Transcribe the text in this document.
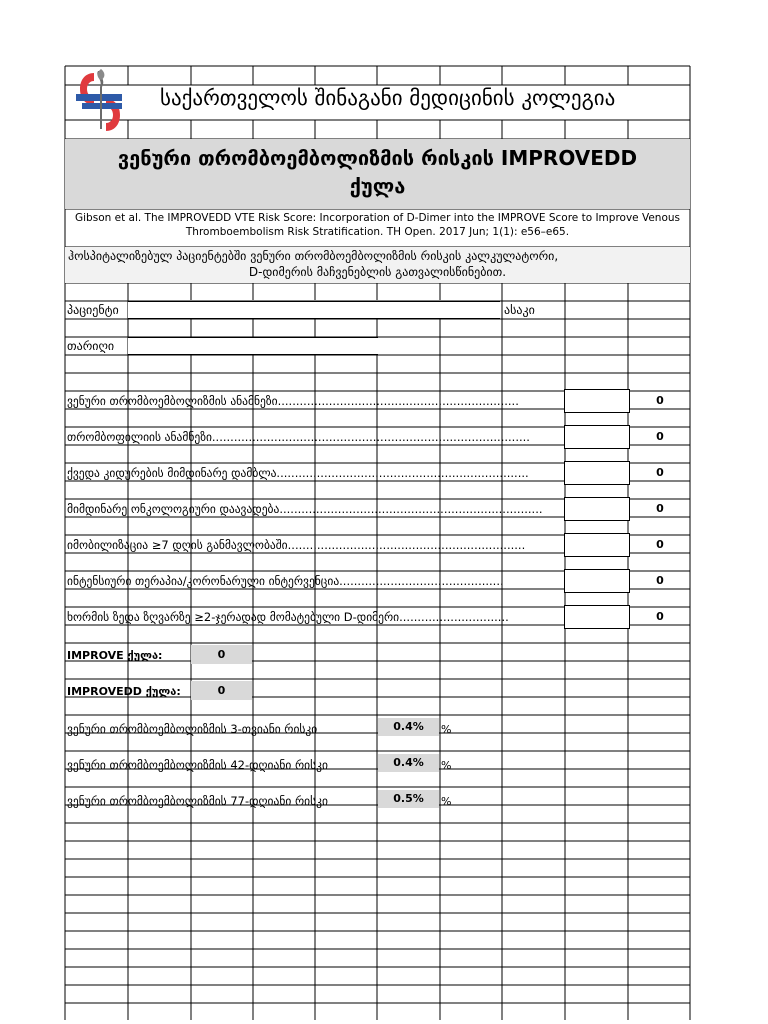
საქართველოს შინაგანი მედიცინის კოლეგია
ვენური თრომბოემბოლიზმის რისკის IMPROVEDD
ქულა
Gibson et al. The IMPROVEDD VTE Risk Score: Incorporation of D-Dimer into the IMPROVE Score to Improve Venous
Thromboembolism Risk Stratification. TH Open. 2017 Jun; 1(1): e56–e65.
ჰოსპიტალიზებულ პაციენტებში ვენური თრომბოემბოლიზმის რისკის კალკულატორი,
D-დიმერის მაჩვენებლის გათვალისწინებით.
პაციენტი	ასაკი
თარიღი
ვენური თრომბოემბოლიზმის ანამნეზი..................................................................	0
თრომბოფილიის ანამნეზი.......................................................................................	0
ქვედა კიდურების მიმდინარე დამბლა.....................................................................	0
მიმდინარე ონკოლოგიური დაავადება........................................................................	0
იმობილიზაცია ≥7 დღის განმავლობაში.................................................................	0
ინტენსიური თერაპია/კორონარული ინტერვენცია.............................................	0
ხორმის ზედა ზღვარზე ≥2-ჯერადად მომატებული D-დიმერი..............................	0
IMPROVE ქულა:	0
IMPROVEDD ქულა:	0
ვენური თრომბოემბოლიზმის 3-თვიანი რისკი	0.4%	%
ვენური თრომბოემბოლიზმის 42-დღიანი რისკი	0.4%	%
ვენური თრომბოემბოლიზმის 77-დღიანი რისკი	0.5%	%
